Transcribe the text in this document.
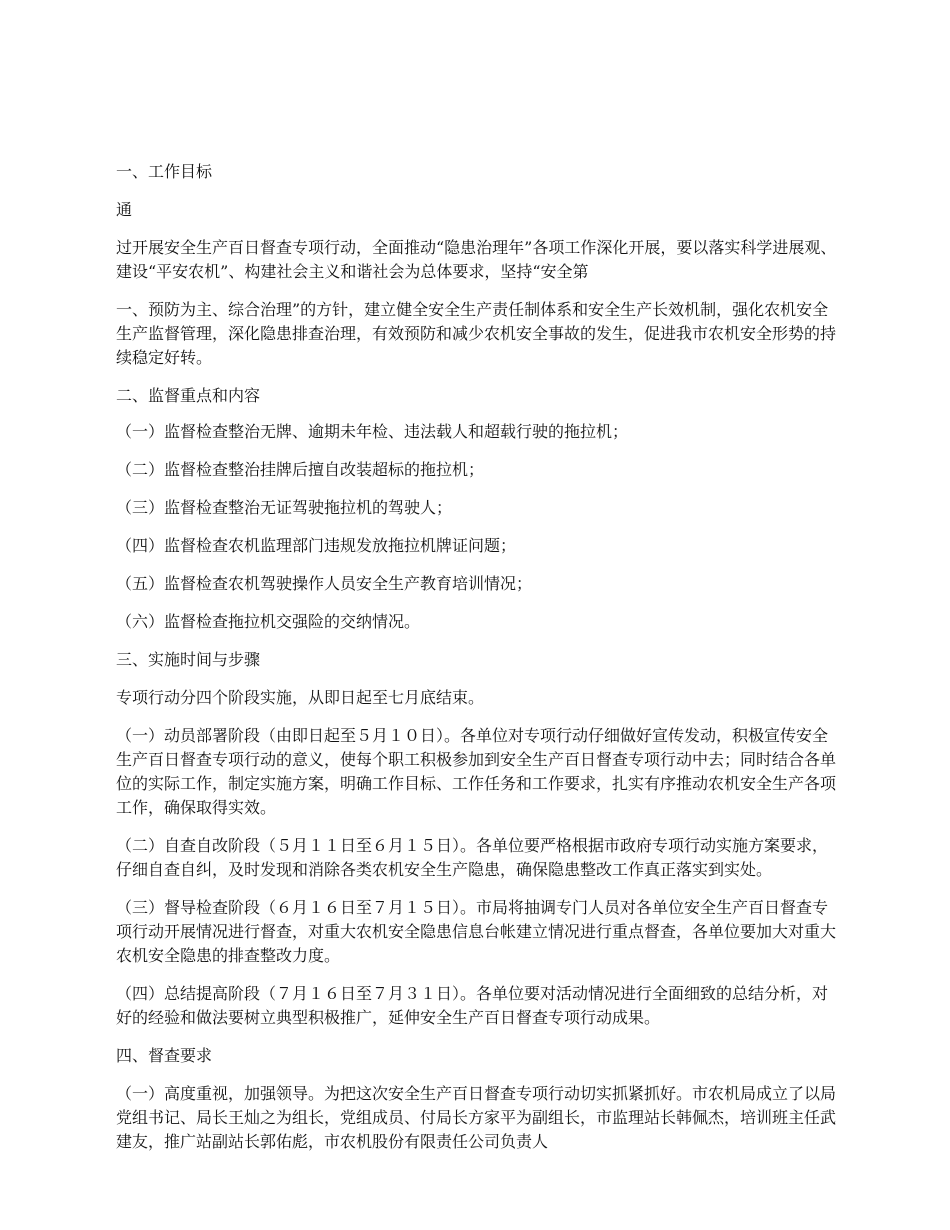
一、工作目标

通

过开展安全生产百日督查专项行动，全面推动“隐患治理年”各项工作深化开展，要以落实科学进展观、建设“平安农机”、构建社会主义和谐社会为总体要求，坚持“安全第

一、预防为主、综合治理”的方针，建立健全安全生产责任制体系和安全生产长效机制，强化农机安全生产监督管理，深化隐患排查治理，有效预防和减少农机安全事故的发生，促进我市农机安全形势的持续稳定好转。

二、监督重点和内容

（一）监督检查整治无牌、逾期未年检、违法载人和超载行驶的拖拉机；

（二）监督检查整治挂牌后擅自改装超标的拖拉机；

（三）监督检查整治无证驾驶拖拉机的驾驶人；

（四）监督检查农机监理部门违规发放拖拉机牌证问题；

（五）监督检查农机驾驶操作人员安全生产教育培训情况；

（六）监督检查拖拉机交强险的交纳情况。

三、实施时间与步骤

专项行动分四个阶段实施，从即日起至七月底结束。

（一）动员部署阶段（由即日起至５月１０日）。各单位对专项行动仔细做好宣传发动，积极宣传安全生产百日督查专项行动的意义，使每个职工积极参加到安全生产百日督查专项行动中去；同时结合各单位的实际工作，制定实施方案，明确工作目标、工作任务和工作要求，扎实有序推动农机安全生产各项工作，确保取得实效。

（二）自查自改阶段（５月１１日至６月１５日）。各单位要严格根据市政府专项行动实施方案要求，仔细自查自纠，及时发现和消除各类农机安全生产隐患，确保隐患整改工作真正落实到实处。

（三）督导检查阶段（６月１６日至７月１５日）。市局将抽调专门人员对各单位安全生产百日督查专项行动开展情况进行督查，对重大农机安全隐患信息台帐建立情况进行重点督查，各单位要加大对重大农机安全隐患的排查整改力度。

（四）总结提高阶段（７月１６日至７月３１日）。各单位要对活动情况进行全面细致的总结分析，对好的经验和做法要树立典型积极推广，延伸安全生产百日督查专项行动成果。

四、督查要求

（一）高度重视，加强领导。为把这次安全生产百日督查专项行动切实抓紧抓好。市农机局成立了以局党组书记、局长王灿之为组长，党组成员、付局长方家平为副组长，市监理站长韩佩杰，培训班主任武建友，推广站副站长郭佑彪，市农机股份有限责任公司负责人
